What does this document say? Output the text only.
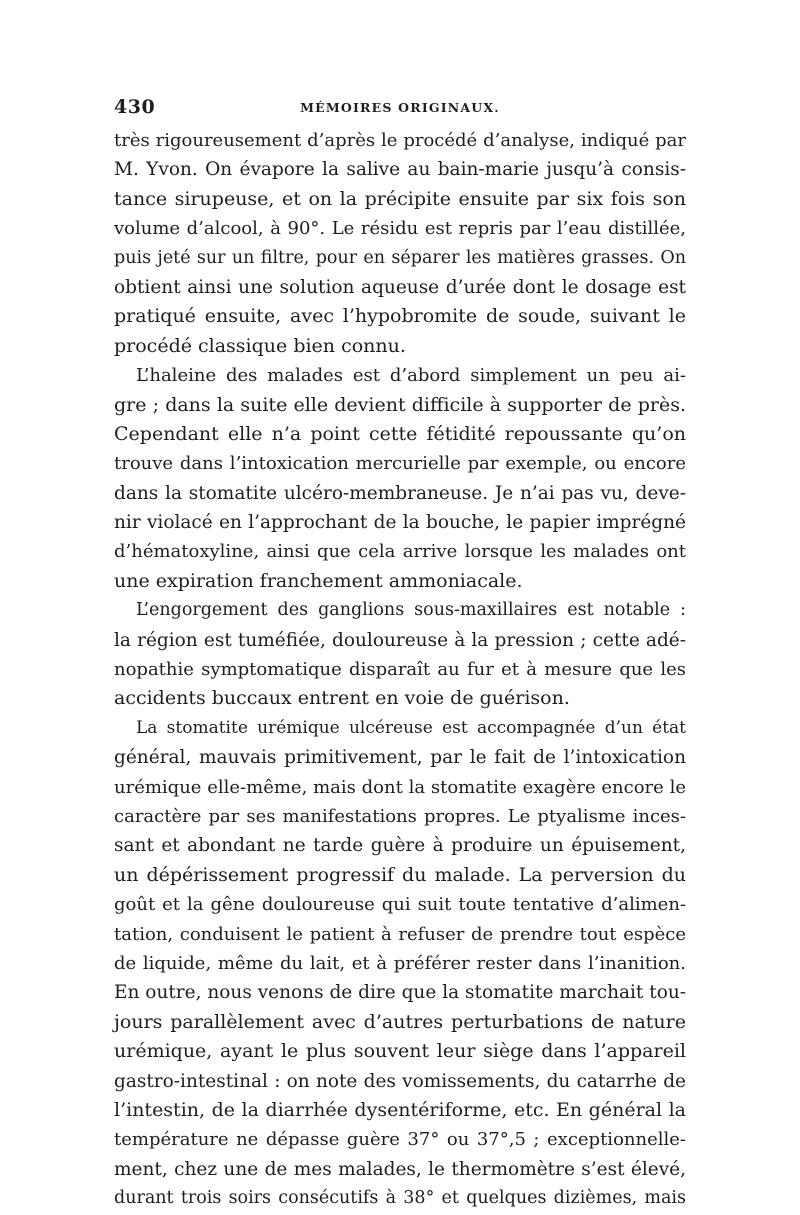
430	MÉMOIRES ORIGINAUX.
très rigoureusement d’après le procédé d’analyse, indiqué par
M. Yvon. On évapore la salive au bain-marie jusqu’à consis-
tance sirupeuse, et on la précipite ensuite par six fois son
volume d’alcool, à 90°. Le résidu est repris par l’eau distillée,
puis jeté sur un filtre, pour en séparer les matières grasses. On
obtient ainsi une solution aqueuse d’urée dont le dosage est
pratiqué ensuite, avec l’hypobromite de soude, suivant le
procédé classique bien connu.
L’haleine des malades est d’abord simplement un peu ai-
gre ; dans la suite elle devient difficile à supporter de près.
Cependant elle n’a point cette fétidité repoussante qu’on
trouve dans l’intoxication mercurielle par exemple, ou encore
dans la stomatite ulcéro-membraneuse. Je n’ai pas vu, deve-
nir violacé en l’approchant de la bouche, le papier imprégné
d’hématoxyline, ainsi que cela arrive lorsque les malades ont
une expiration franchement ammoniacale.
L’engorgement des ganglions sous-maxillaires est notable :
la région est tuméfiée, douloureuse à la pression ; cette adé-
nopathie symptomatique disparaît au fur et à mesure que les
accidents buccaux entrent en voie de guérison.
La stomatite urémique ulcéreuse est accompagnée d’un état
général, mauvais primitivement, par le fait de l’intoxication
urémique elle-même, mais dont la stomatite exagère encore le
caractère par ses manifestations propres. Le ptyalisme inces-
sant et abondant ne tarde guère à produire un épuisement,
un dépérissement progressif du malade. La perversion du
goût et la gêne douloureuse qui suit toute tentative d’alimen-
tation, conduisent le patient à refuser de prendre tout espèce
de liquide, même du lait, et à préférer rester dans l’inanition.
En outre, nous venons de dire que la stomatite marchait tou-
jours parallèlement avec d’autres perturbations de nature
urémique, ayant le plus souvent leur siège dans l’appareil
gastro-intestinal : on note des vomissements, du catarrhe de
l’intestin, de la diarrhée dysentériforme, etc. En général la
température ne dépasse guère 37° ou 37°,5 ; exceptionnelle-
ment, chez une de mes malades, le thermomètre s’est élevé,
durant trois soirs consécutifs à 38° et quelques dizièmes, mais
